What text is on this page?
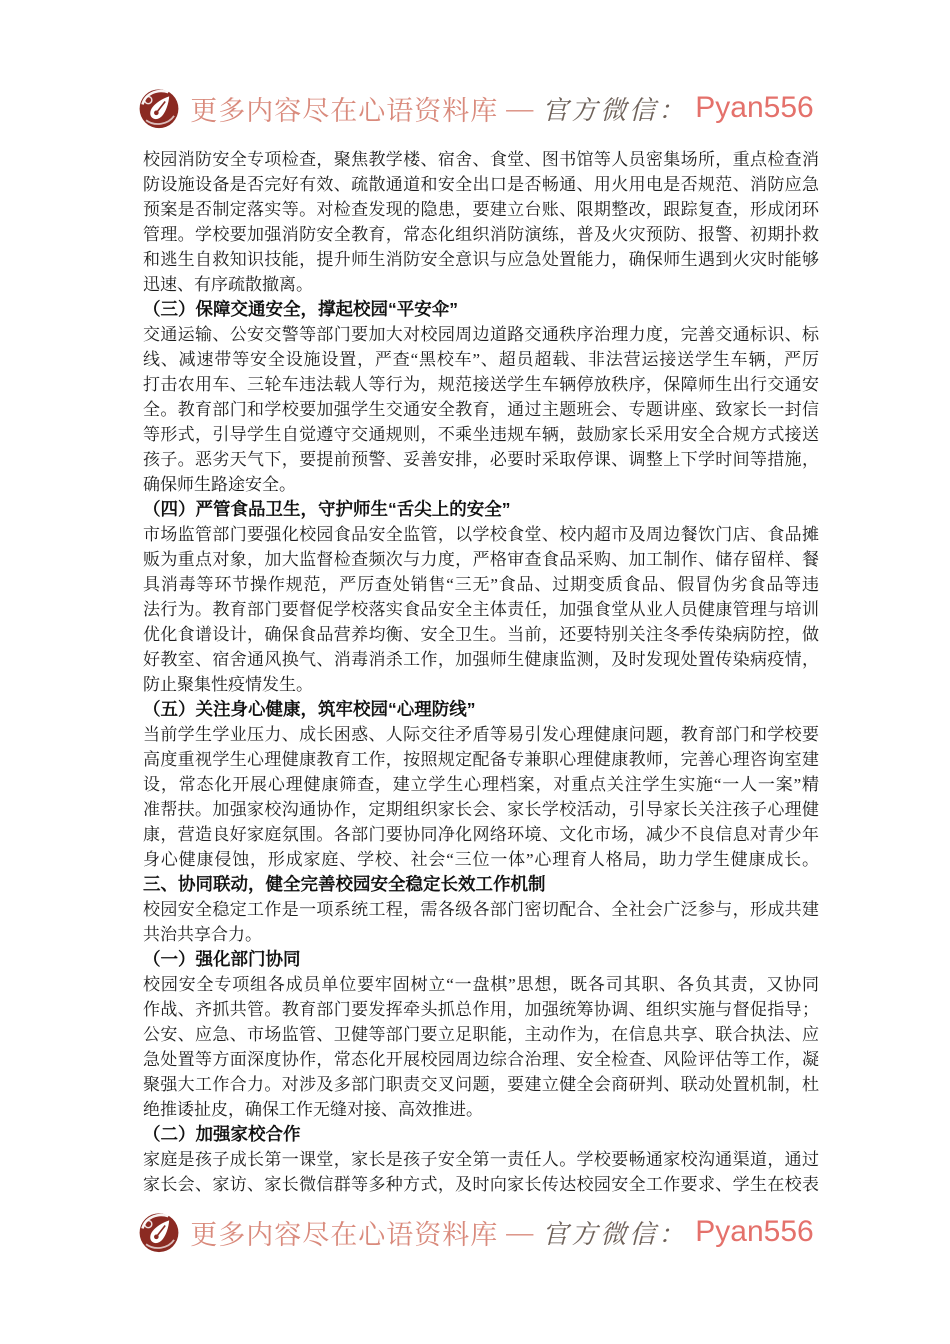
更多内容尽在心语资料库 — 官方微信： Pyan556
校园消防安全专项检查，聚焦教学楼、宿舍、食堂、图书馆等人员密集场所，重点检查消
防设施设备是否完好有效、疏散通道和安全出口是否畅通、用火用电是否规范、消防应急
预案是否制定落实等。对检查发现的隐患，要建立台账、限期整改，跟踪复查，形成闭环
管理。学校要加强消防安全教育，常态化组织消防演练，普及火灾预防、报警、初期扑救
和逃生自救知识技能，提升师生消防安全意识与应急处置能力，确保师生遇到火灾时能够
迅速、有序疏散撤离。
（三）保障交通安全，撑起校园“平安伞”
交通运输、公安交警等部门要加大对校园周边道路交通秩序治理力度，完善交通标识、标
线、减速带等安全设施设置，严查“黑校车”、超员超载、非法营运接送学生车辆，严厉
打击农用车、三轮车违法载人等行为，规范接送学生车辆停放秩序，保障师生出行交通安
全。教育部门和学校要加强学生交通安全教育，通过主题班会、专题讲座、致家长一封信
等形式，引导学生自觉遵守交通规则，不乘坐违规车辆，鼓励家长采用安全合规方式接送
孩子。恶劣天气下，要提前预警、妥善安排，必要时采取停课、调整上下学时间等措施，
确保师生路途安全。
（四）严管食品卫生，守护师生“舌尖上的安全”
市场监管部门要强化校园食品安全监管，以学校食堂、校内超市及周边餐饮门店、食品摊
贩为重点对象，加大监督检查频次与力度，严格审查食品采购、加工制作、储存留样、餐
具消毒等环节操作规范，严厉查处销售“三无”食品、过期变质食品、假冒伪劣食品等违
法行为。教育部门要督促学校落实食品安全主体责任，加强食堂从业人员健康管理与培训
优化食谱设计，确保食品营养均衡、安全卫生。当前，还要特别关注冬季传染病防控，做
好教室、宿舍通风换气、消毒消杀工作，加强师生健康监测，及时发现处置传染病疫情，
防止聚集性疫情发生。
（五）关注身心健康，筑牢校园“心理防线”
当前学生学业压力、成长困惑、人际交往矛盾等易引发心理健康问题，教育部门和学校要
高度重视学生心理健康教育工作，按照规定配备专兼职心理健康教师，完善心理咨询室建
设，常态化开展心理健康筛查，建立学生心理档案，对重点关注学生实施“一人一案”精
准帮扶。加强家校沟通协作，定期组织家长会、家长学校活动，引导家长关注孩子心理健
康，营造良好家庭氛围。各部门要协同净化网络环境、文化市场，减少不良信息对青少年
身心健康侵蚀，形成家庭、学校、社会“三位一体”心理育人格局，助力学生健康成长。
三、协同联动，健全完善校园安全稳定长效工作机制
校园安全稳定工作是一项系统工程，需各级各部门密切配合、全社会广泛参与，形成共建
共治共享合力。
（一）强化部门协同
校园安全专项组各成员单位要牢固树立“一盘棋”思想，既各司其职、各负其责，又协同
作战、齐抓共管。教育部门要发挥牵头抓总作用，加强统筹协调、组织实施与督促指导；
公安、应急、市场监管、卫健等部门要立足职能，主动作为，在信息共享、联合执法、应
急处置等方面深度协作，常态化开展校园周边综合治理、安全检查、风险评估等工作，凝
聚强大工作合力。对涉及多部门职责交叉问题，要建立健全会商研判、联动处置机制，杜
绝推诿扯皮，确保工作无缝对接、高效推进。
（二）加强家校合作
家庭是孩子成长第一课堂，家长是孩子安全第一责任人。学校要畅通家校沟通渠道，通过
家长会、家访、家长微信群等多种方式，及时向家长传达校园安全工作要求、学生在校表
更多内容尽在心语资料库 — 官方微信： Pyan556
